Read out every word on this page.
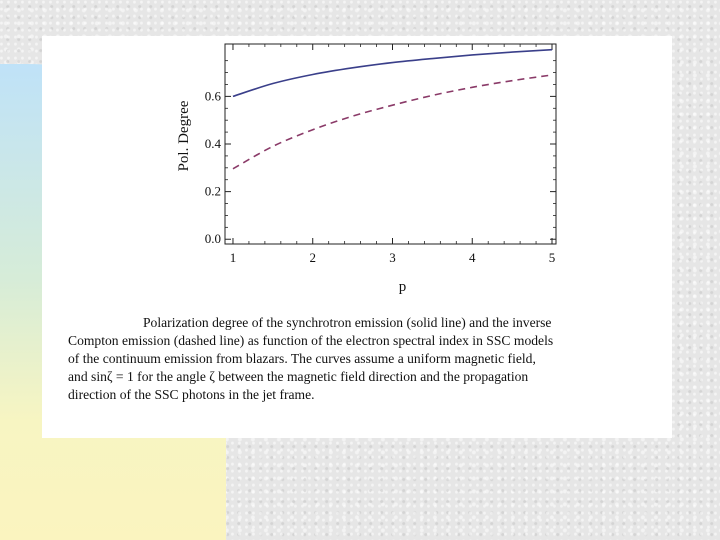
p
Pol. Degree
1	2	3	4	5
0.0
0.2
0.4
0.6
Polarization degree of the synchrotron emission (solid line) and the inverse
Compton emission (dashed line) as function of the electron spectral index in SSC models
of the continuum emission from blazars. The curves assume a uniform magnetic field,
and sinζ = 1 for the angle ζ between the magnetic field direction and the propagation
direction of the SSC photons in the jet frame.
